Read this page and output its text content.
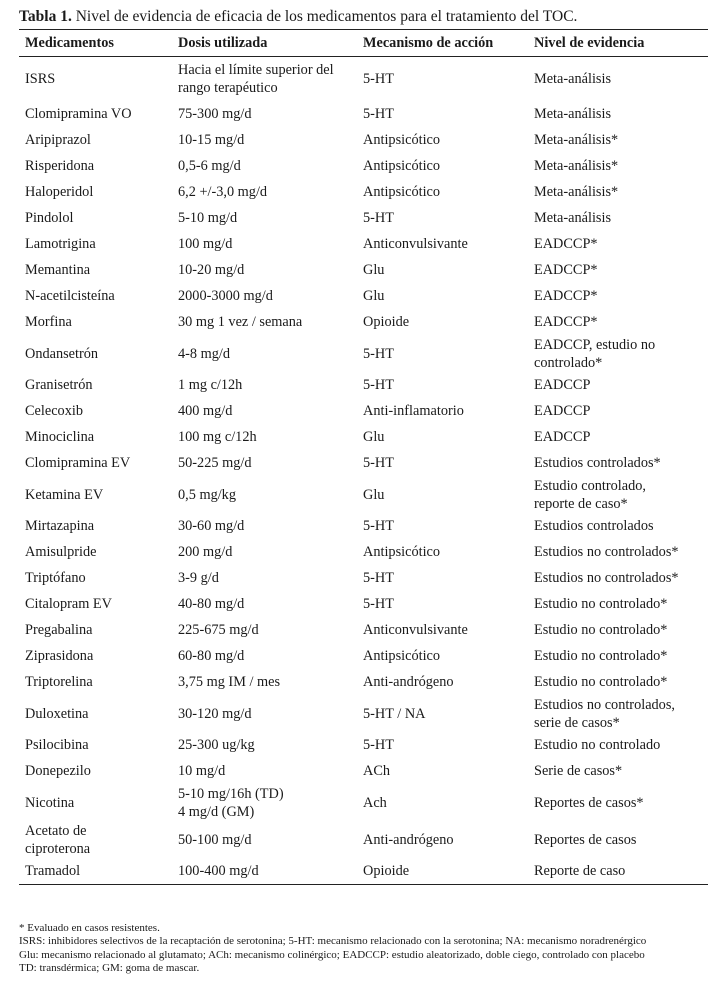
Tabla 1. Nivel de evidencia de eficacia de los medicamentos para el tratamiento del TOC.
Medicamentos	Dosis utilizada	Mecanismo de acción	Nivel de evidencia

ISRS	Hacia el límite superior del
rango terapéutico	5-HT	Meta-análisis

Clomipramina VO	75-300 mg/d	5-HT	Meta-análisis

Aripiprazol	10-15 mg/d	Antipsicótico	Meta-análisis*

Risperidona	0,5-6 mg/d	Antipsicótico	Meta-análisis*

Haloperidol	6,2 +/-3,0 mg/d	Antipsicótico	Meta-análisis*

Pindolol	5-10 mg/d	5-HT	Meta-análisis

Lamotrigina	100 mg/d	Anticonvulsivante	EADCCP*

Memantina	10-20 mg/d	Glu	EADCCP*

N-acetilcisteína	2000-3000 mg/d	Glu	EADCCP*

Morfina	30 mg 1 vez / semana	Opioide	EADCCP*

Ondansetrón	4-8 mg/d	5-HT	EADCCP, estudio no
controlado*

Granisetrón	1 mg c/12h	5-HT	EADCCP

Celecoxib	400 mg/d	Anti-inflamatorio	EADCCP

Minociclina	100 mg c/12h	Glu	EADCCP

Clomipramina EV	50-225 mg/d	5-HT	Estudios controlados*

Ketamina EV	0,5 mg/kg	Glu	Estudio controlado,
reporte de caso*

Mirtazapina	30-60 mg/d	5-HT	Estudios controlados

Amisulpride	200 mg/d	Antipsicótico	Estudios no controlados*

Triptófano	3-9 g/d	5-HT	Estudios no controlados*

Citalopram EV	40-80 mg/d	5-HT	Estudio no controlado*

Pregabalina	225-675 mg/d	Anticonvulsivante	Estudio no controlado*

Ziprasidona	60-80 mg/d	Antipsicótico	Estudio no controlado*

Triptorelina	3,75 mg IM / mes	Anti-andrógeno	Estudio no controlado*

Duloxetina	30-120 mg/d	5-HT / NA	Estudios no controlados,
serie de casos*

Psilocibina	25-300 ug/kg	5-HT	Estudio no controlado

Donepezilo	10 mg/d	ACh	Serie de casos*

Nicotina	5-10 mg/16h (TD)
4 mg/d (GM)	Ach	Reportes de casos*

Acetato de
ciproterona	50-100 mg/d	Anti-andrógeno	Reportes de casos

Tramadol	100-400 mg/d	Opioide	Reporte de caso
* Evaluado en casos resistentes.
ISRS: inhibidores selectivos de la recaptación de serotonina; 5-HT: mecanismo relacionado con la serotonina; NA: mecanismo noradrenérgico
Glu: mecanismo relacionado al glutamato; ACh: mecanismo colinérgico; EADCCP: estudio aleatorizado, doble ciego, controlado con placebo
TD: transdérmica; GM: goma de mascar.
